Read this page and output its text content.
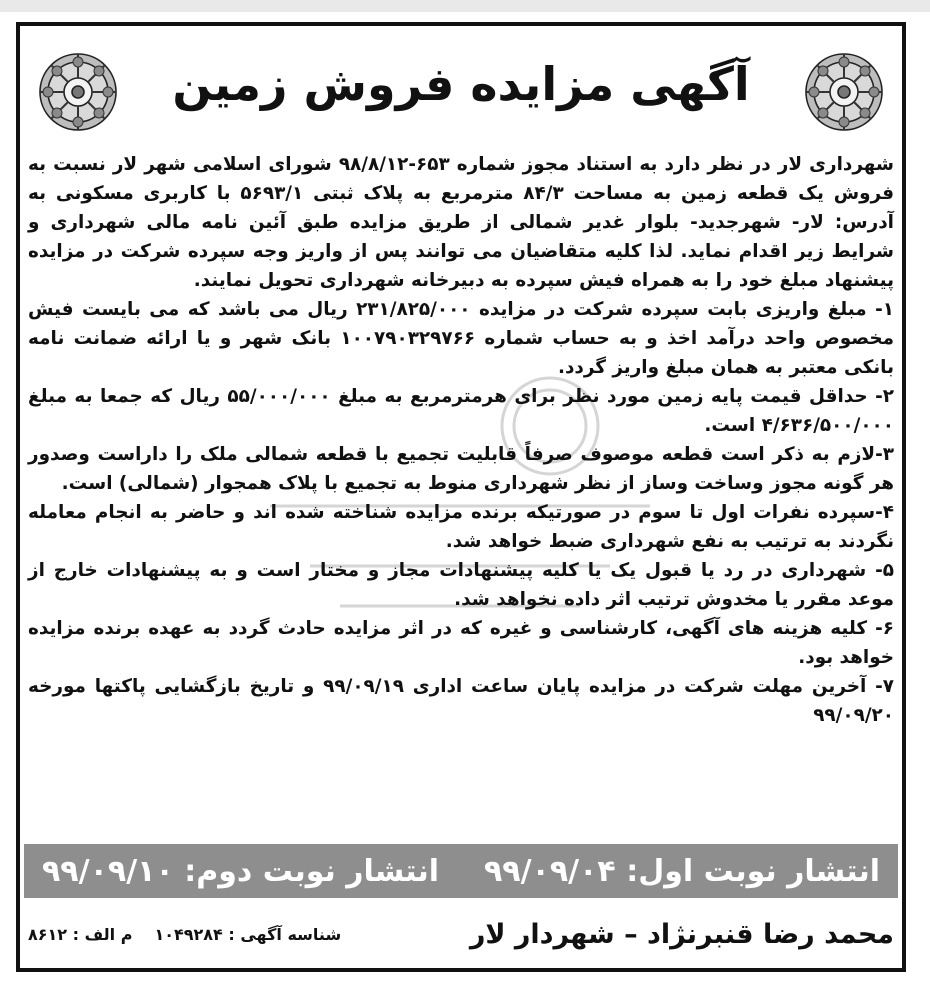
آگهی مزایده فروش زمین

شهرداری لار در نظر دارد به استناد مجوز شماره ۶۵۳-۹۸/۸/۱۲ شورای اسلامی شهر لار نسبت به فروش یک قطعه زمین به مساحت ۸۴/۳ مترمربع به پلاک ثبتی ۵۶۹۳/۱ با کاربری مسکونی به آدرس: لار- شهرجدید- بلوار غدیر شمالی از طریق مزایده طبق آئین نامه مالی شهرداری و شرایط زیر اقدام نماید. لذا کلیه متقاضیان می توانند پس از واریز وجه سپرده شرکت در مزایده پیشنهاد مبلغ خود را به همراه فیش سپرده به دبیرخانه شهرداری تحویل نمایند.

۱- مبلغ واریزی بابت سپرده شرکت در مزایده ۲۳۱/۸۲۵/۰۰۰ ریال می باشد که می بایست فیش مخصوص واحد درآمد اخذ و به حساب شماره ۱۰۰۷۹۰۳۲۹۷۶۶ بانک شهر و یا ارائه ضمانت نامه بانکی معتبر به همان مبلغ واریز گردد.

۲- حداقل قیمت پایه زمین مورد نظر برای هرمترمربع به مبلغ ۵۵/۰۰۰/۰۰۰ ریال که جمعا به مبلغ ۴/۶۳۶/۵۰۰/۰۰۰ است.

۳-لازم به ذکر است قطعه موصوف صرفاً قابلیت تجمیع با قطعه شمالی ملک را داراست وصدور هر گونه مجوز وساخت وساز از نظر شهرداری منوط به تجمیع با پلاک همجوار (شمالی) است.

۴-سپرده نفرات اول تا سوم در صورتیکه برنده مزایده شناخته شده اند و حاضر به انجام معامله نگردند به ترتیب به نفع شهرداری ضبط خواهد شد.

۵- شهرداری در رد یا قبول یک یا کلیه پیشنهادات مجاز و مختار است و به پیشنهادات خارج از موعد مقرر یا مخدوش ترتیب اثر داده نخواهد شد.

۶- کلیه هزینه های آگهی، کارشناسی و غیره که در اثر مزایده حادث گردد به عهده برنده مزایده خواهد بود.

۷- آخرین مهلت شرکت در مزایده پایان ساعت اداری ۹۹/۰۹/۱۹ و تاریخ بازگشایی پاکتها مورخه ۹۹/۰۹/۲۰

انتشار نوبت اول: ۹۹/۰۹/۰۴
انتشار نوبت دوم: ۹۹/۰۹/۱۰
محمد رضا قنبرنژاد – شهردار لار
شناسه آگهی : ۱۰۴۹۲۸۴
م الف : ۸۶۱۲
